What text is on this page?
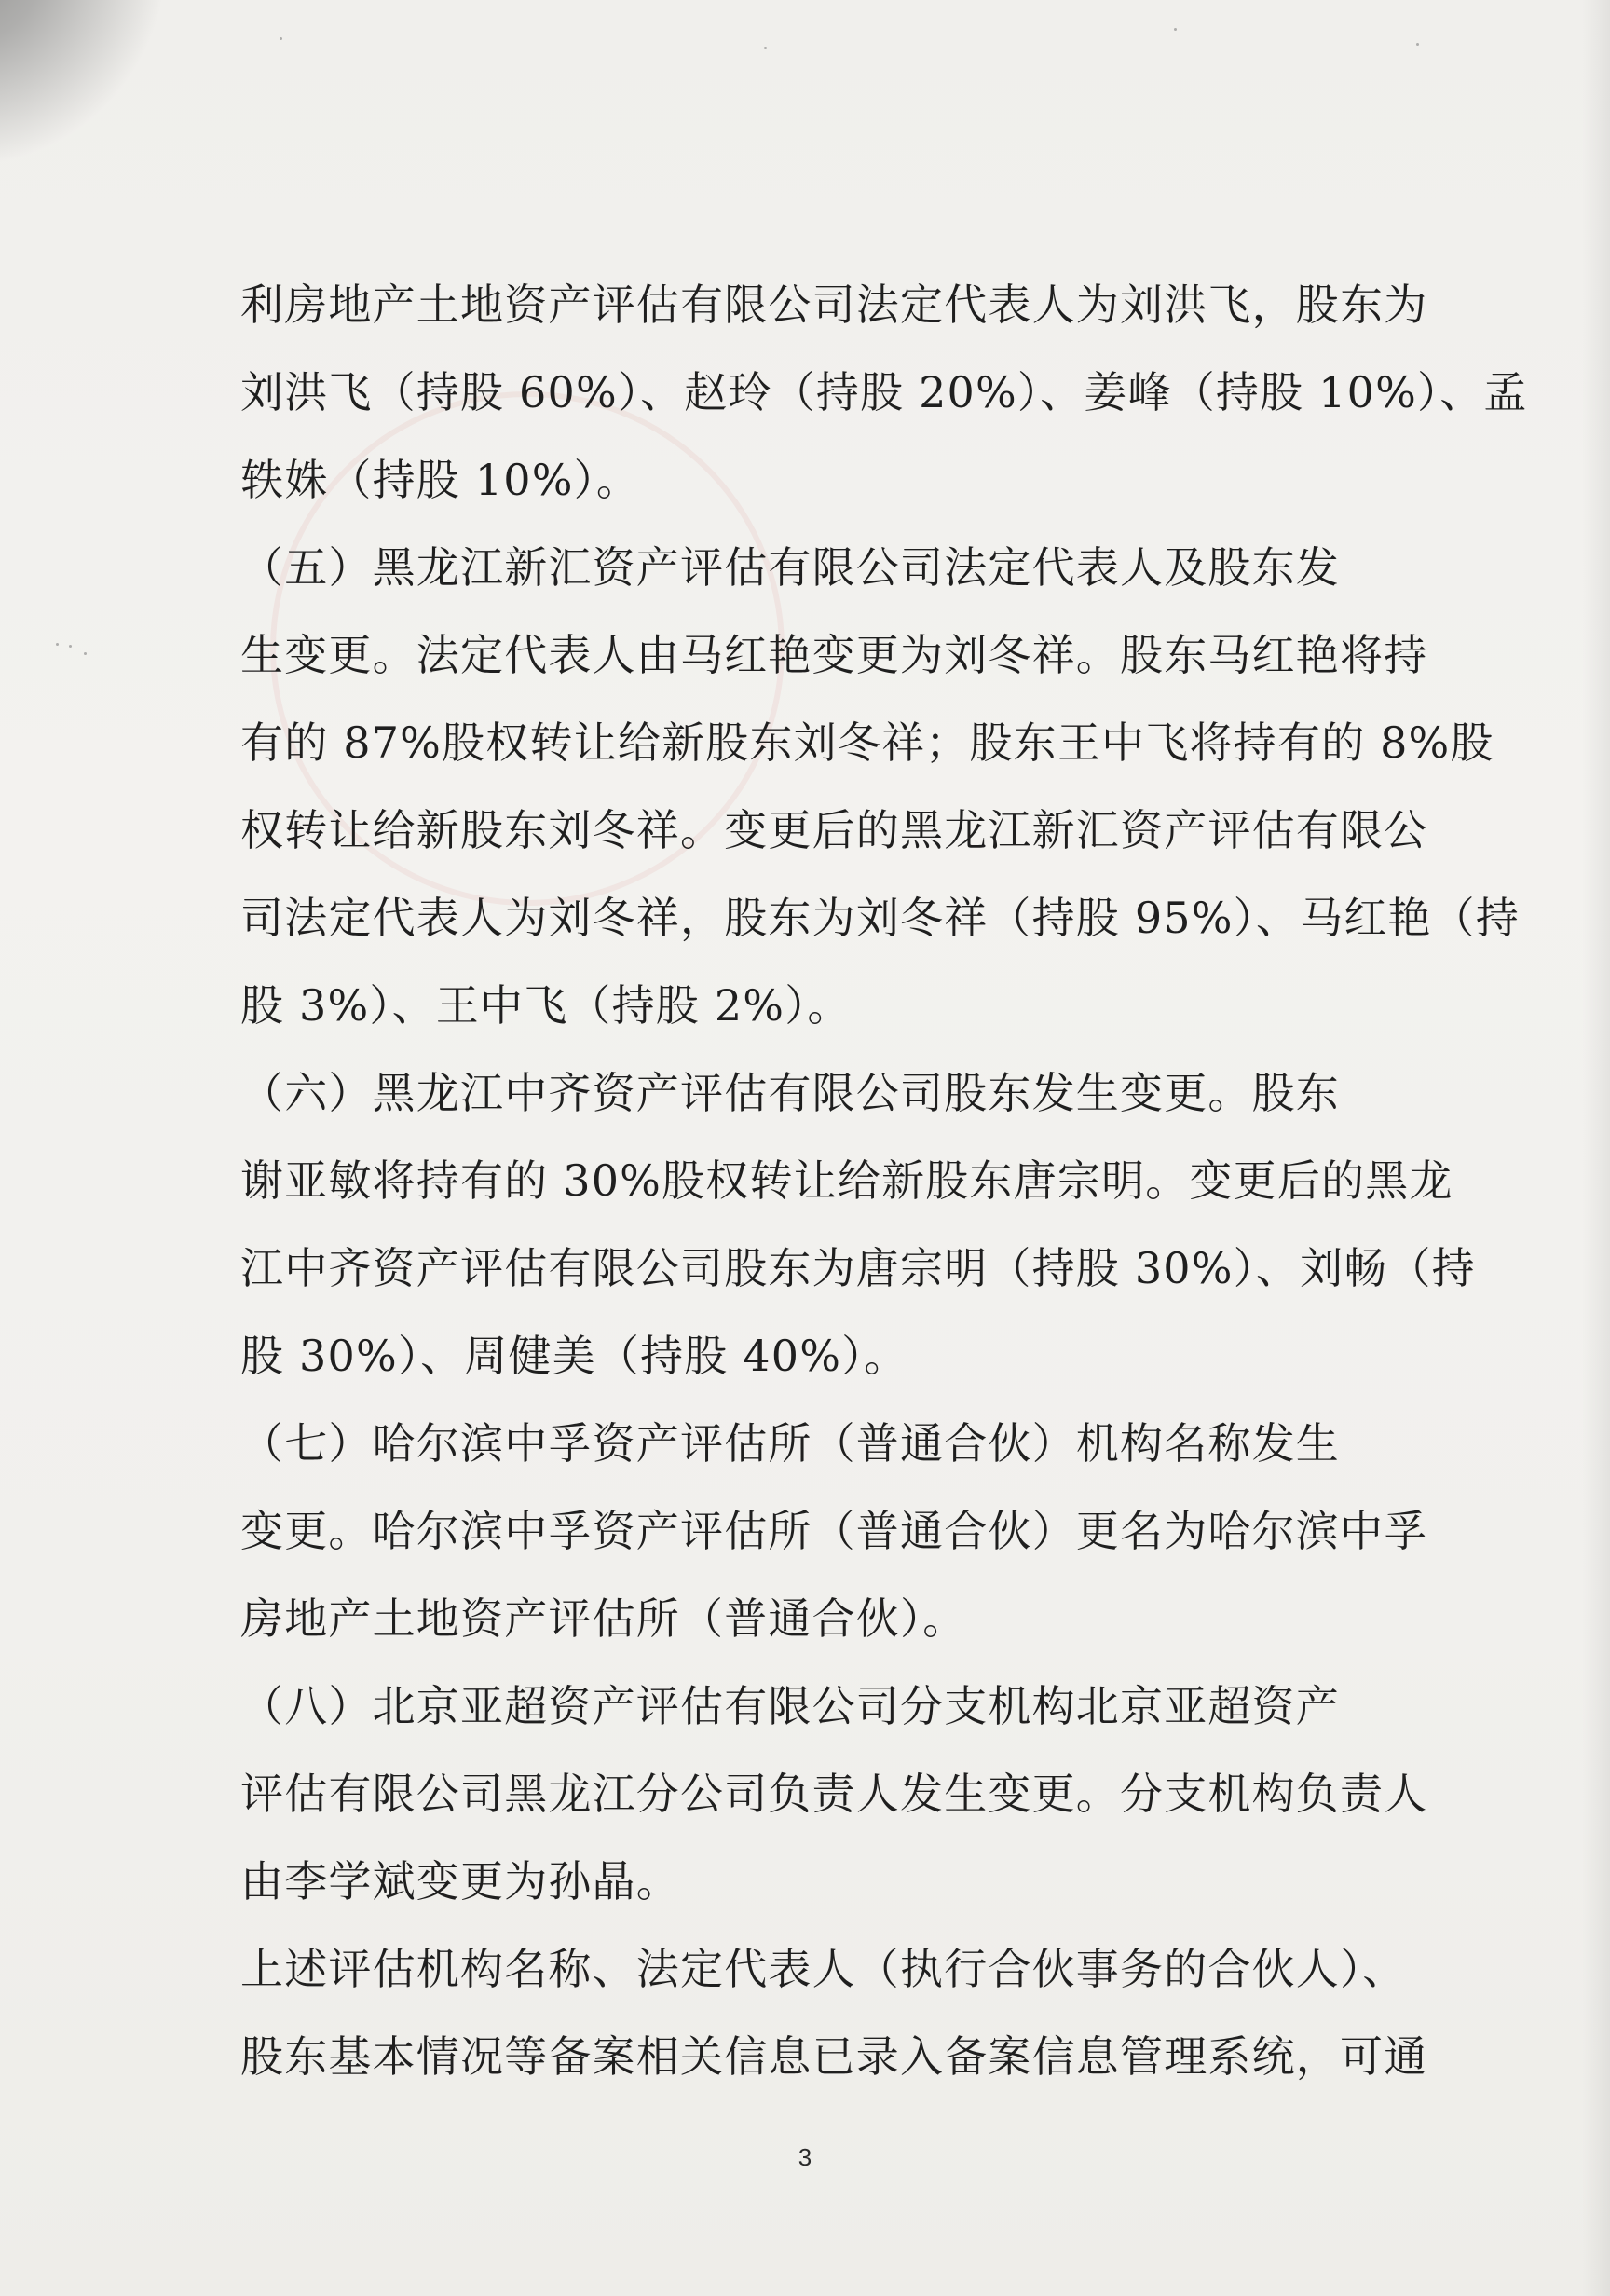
利房地产土地资产评估有限公司法定代表人为刘洪飞，股东为
刘洪飞（持股 60%）、赵玲（持股 20%）、姜峰（持股 10%）、孟
轶姝（持股 10%）。
（五）黑龙江新汇资产评估有限公司法定代表人及股东发
生变更。法定代表人由马红艳变更为刘冬祥。股东马红艳将持
有的 87%股权转让给新股东刘冬祥；股东王中飞将持有的 8%股
权转让给新股东刘冬祥。变更后的黑龙江新汇资产评估有限公
司法定代表人为刘冬祥，股东为刘冬祥（持股 95%）、马红艳（持
股 3%）、王中飞（持股 2%）。
（六）黑龙江中齐资产评估有限公司股东发生变更。股东
谢亚敏将持有的 30%股权转让给新股东唐宗明。变更后的黑龙
江中齐资产评估有限公司股东为唐宗明（持股 30%）、刘畅（持
股 30%）、周健美（持股 40%）。
（七）哈尔滨中孚资产评估所（普通合伙）机构名称发生
变更。哈尔滨中孚资产评估所（普通合伙）更名为哈尔滨中孚
房地产土地资产评估所（普通合伙）。
（八）北京亚超资产评估有限公司分支机构北京亚超资产
评估有限公司黑龙江分公司负责人发生变更。分支机构负责人
由李学斌变更为孙晶。
上述评估机构名称、法定代表人（执行合伙事务的合伙人）、
股东基本情况等备案相关信息已录入备案信息管理系统，可通
3
